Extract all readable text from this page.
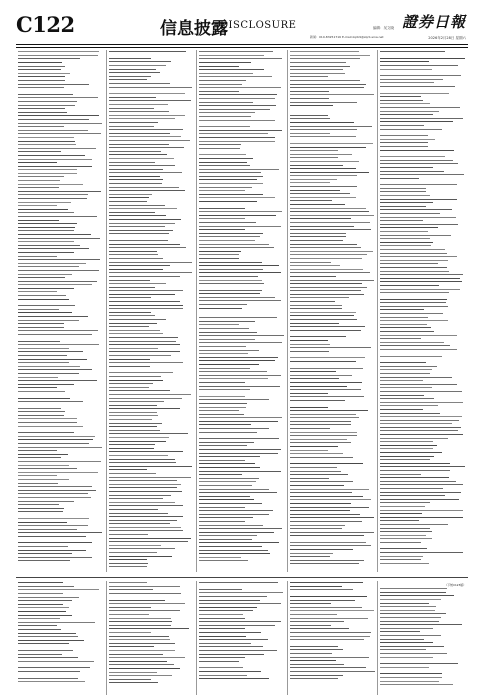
C122	信息披露
DISCLOSURE	编辑：吴文晓
新闻：010-83251716 E-mail:zqrb9@zqrb.sina.net
證券日報
2026年2月28日 星期六
（下转C123版）
